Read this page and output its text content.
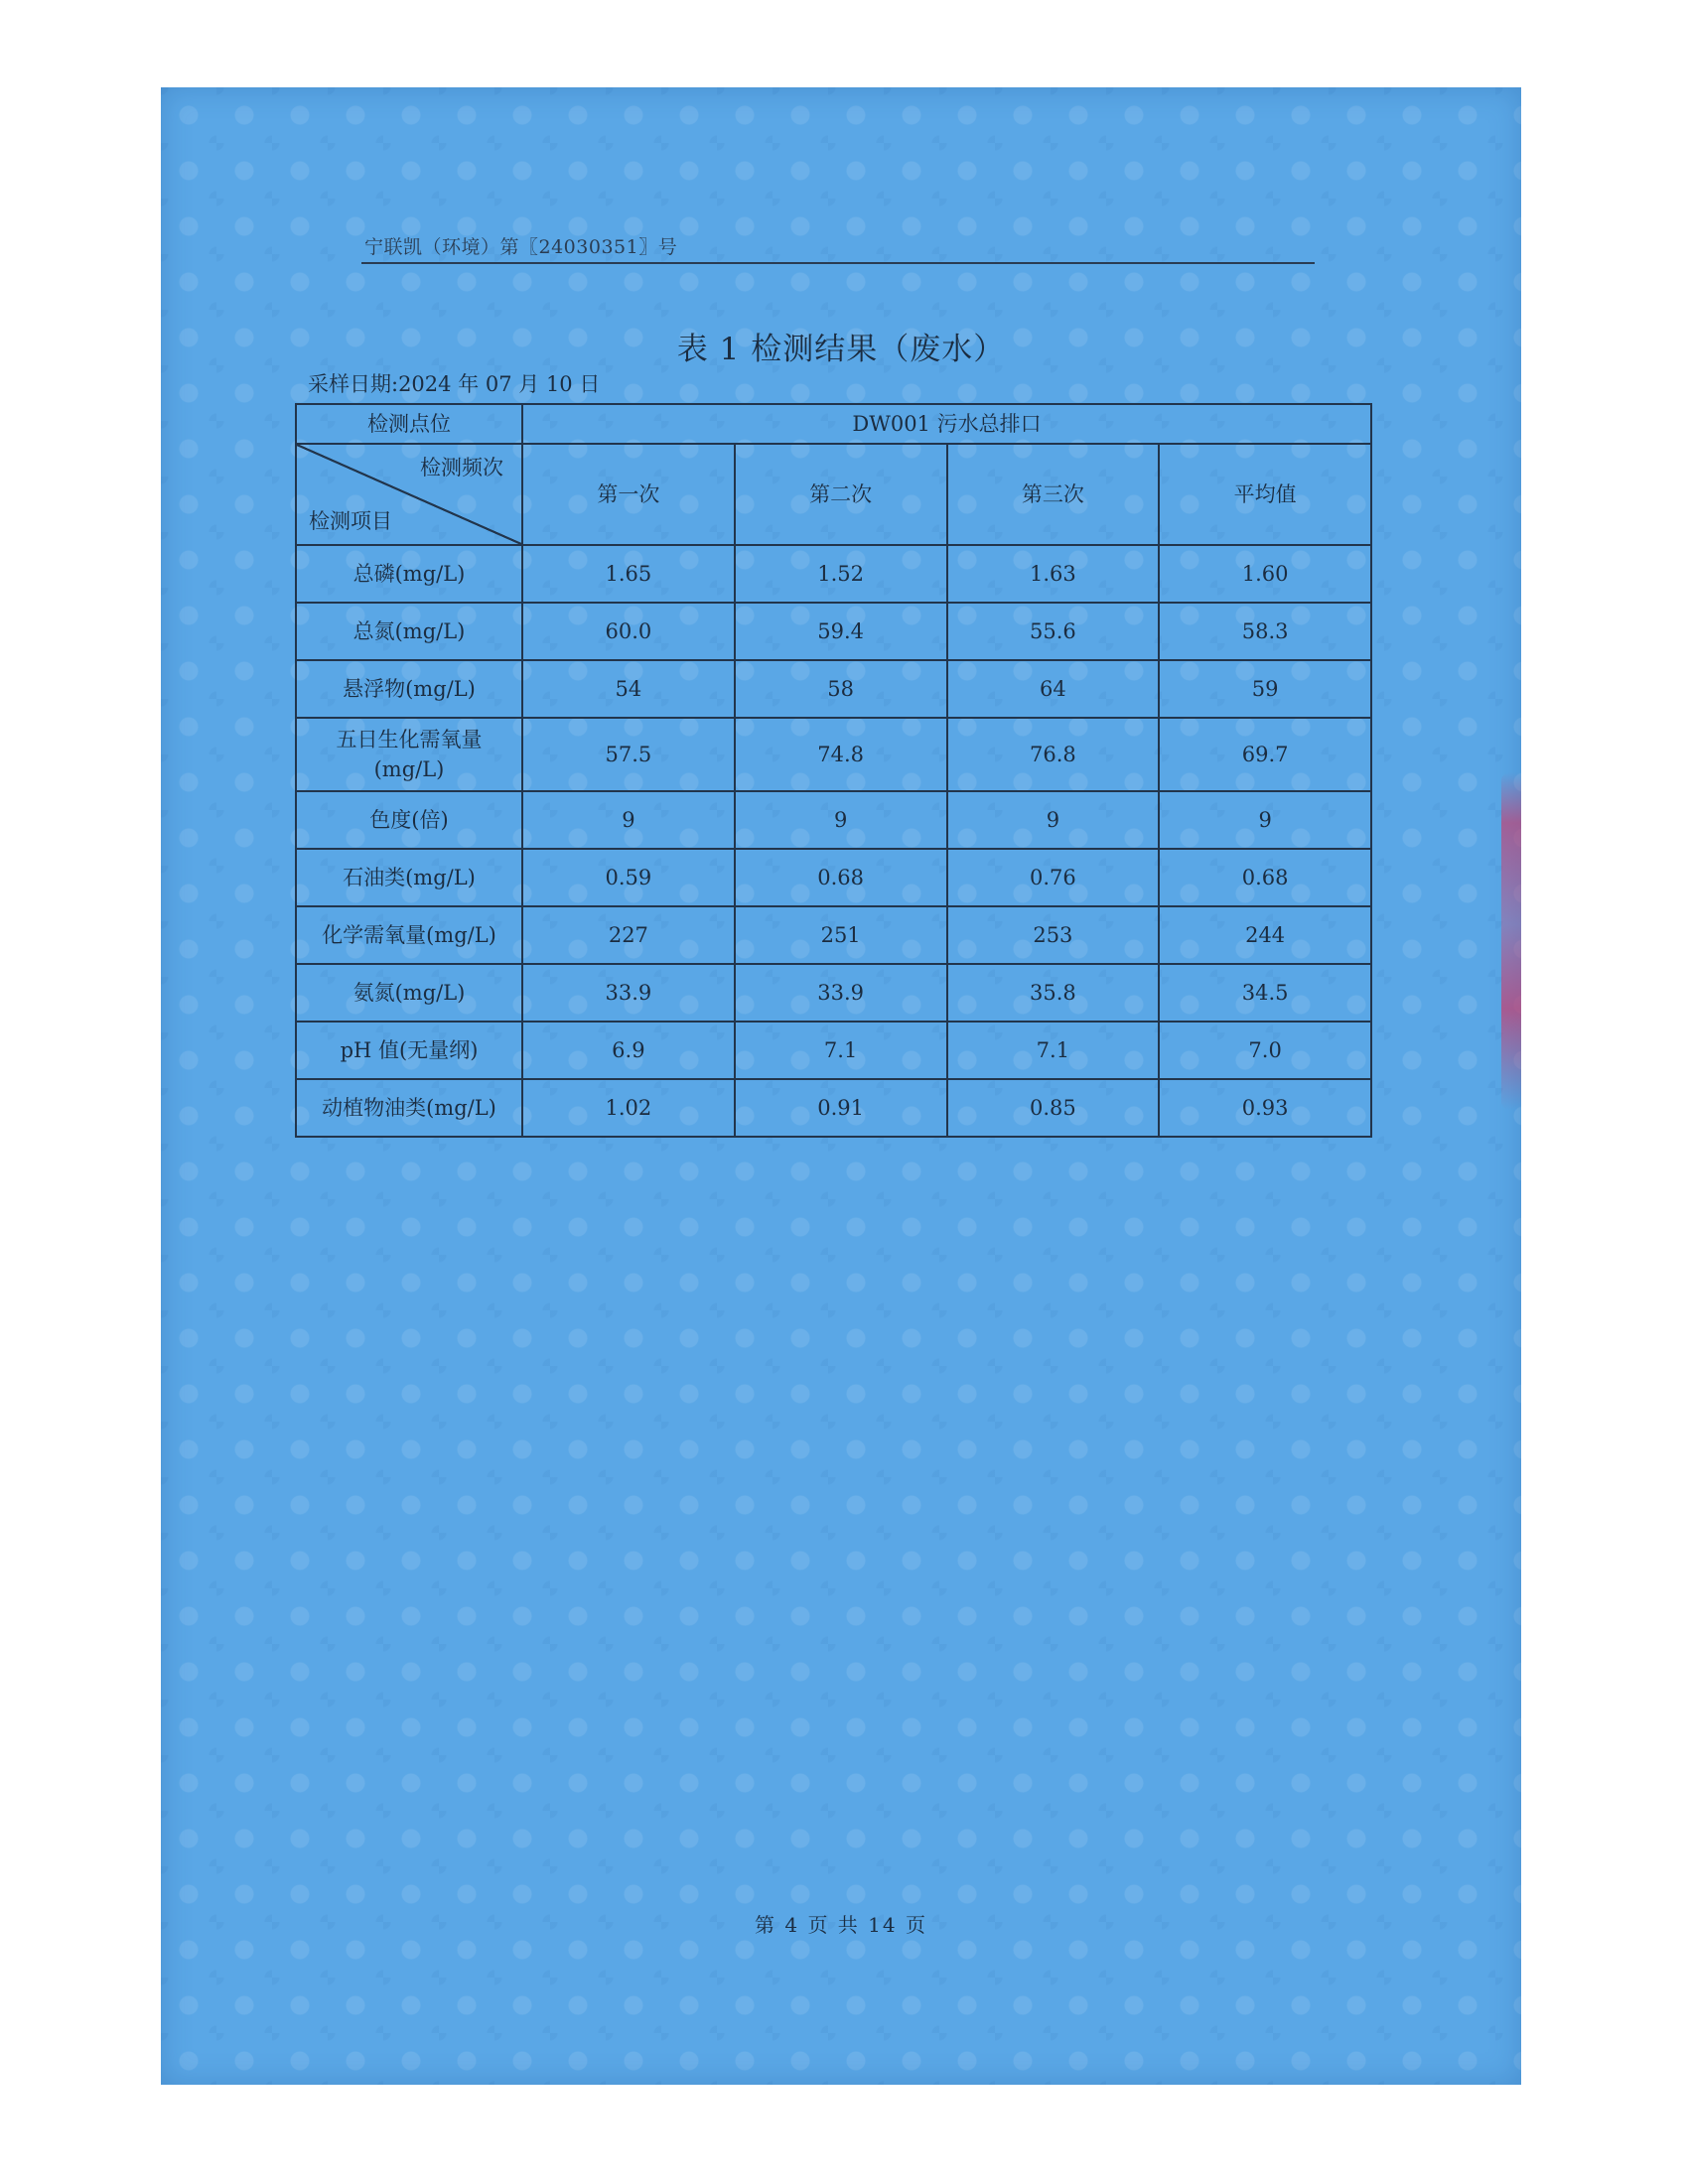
宁联凯（环境）第〖24030351〗号
表 1 检测结果（废水）
采样日期:2024 年 07 月 10 日
检测点位	DW001 污水总排口			

检测频次
检测项目	第一次	第二次	第三次	平均值
总磷(mg/L)	1.65	1.52	1.63	1.60
总氮(mg/L)	60.0	59.4	55.6	58.3
悬浮物(mg/L)	54	58	64	59

五日生化需氧量
(mg/L)	57.5	74.8	76.8	69.7
色度(倍)	9	9	9	9
石油类(mg/L)	0.59	0.68	0.76	0.68
化学需氧量(mg/L)	227	251	253	244
氨氮(mg/L)	33.9	33.9	35.8	34.5
pH 值(无量纲)	6.9	7.1	7.1	7.0
动植物油类(mg/L)	1.02	0.91	0.85	0.93
第 4 页 共 14 页
